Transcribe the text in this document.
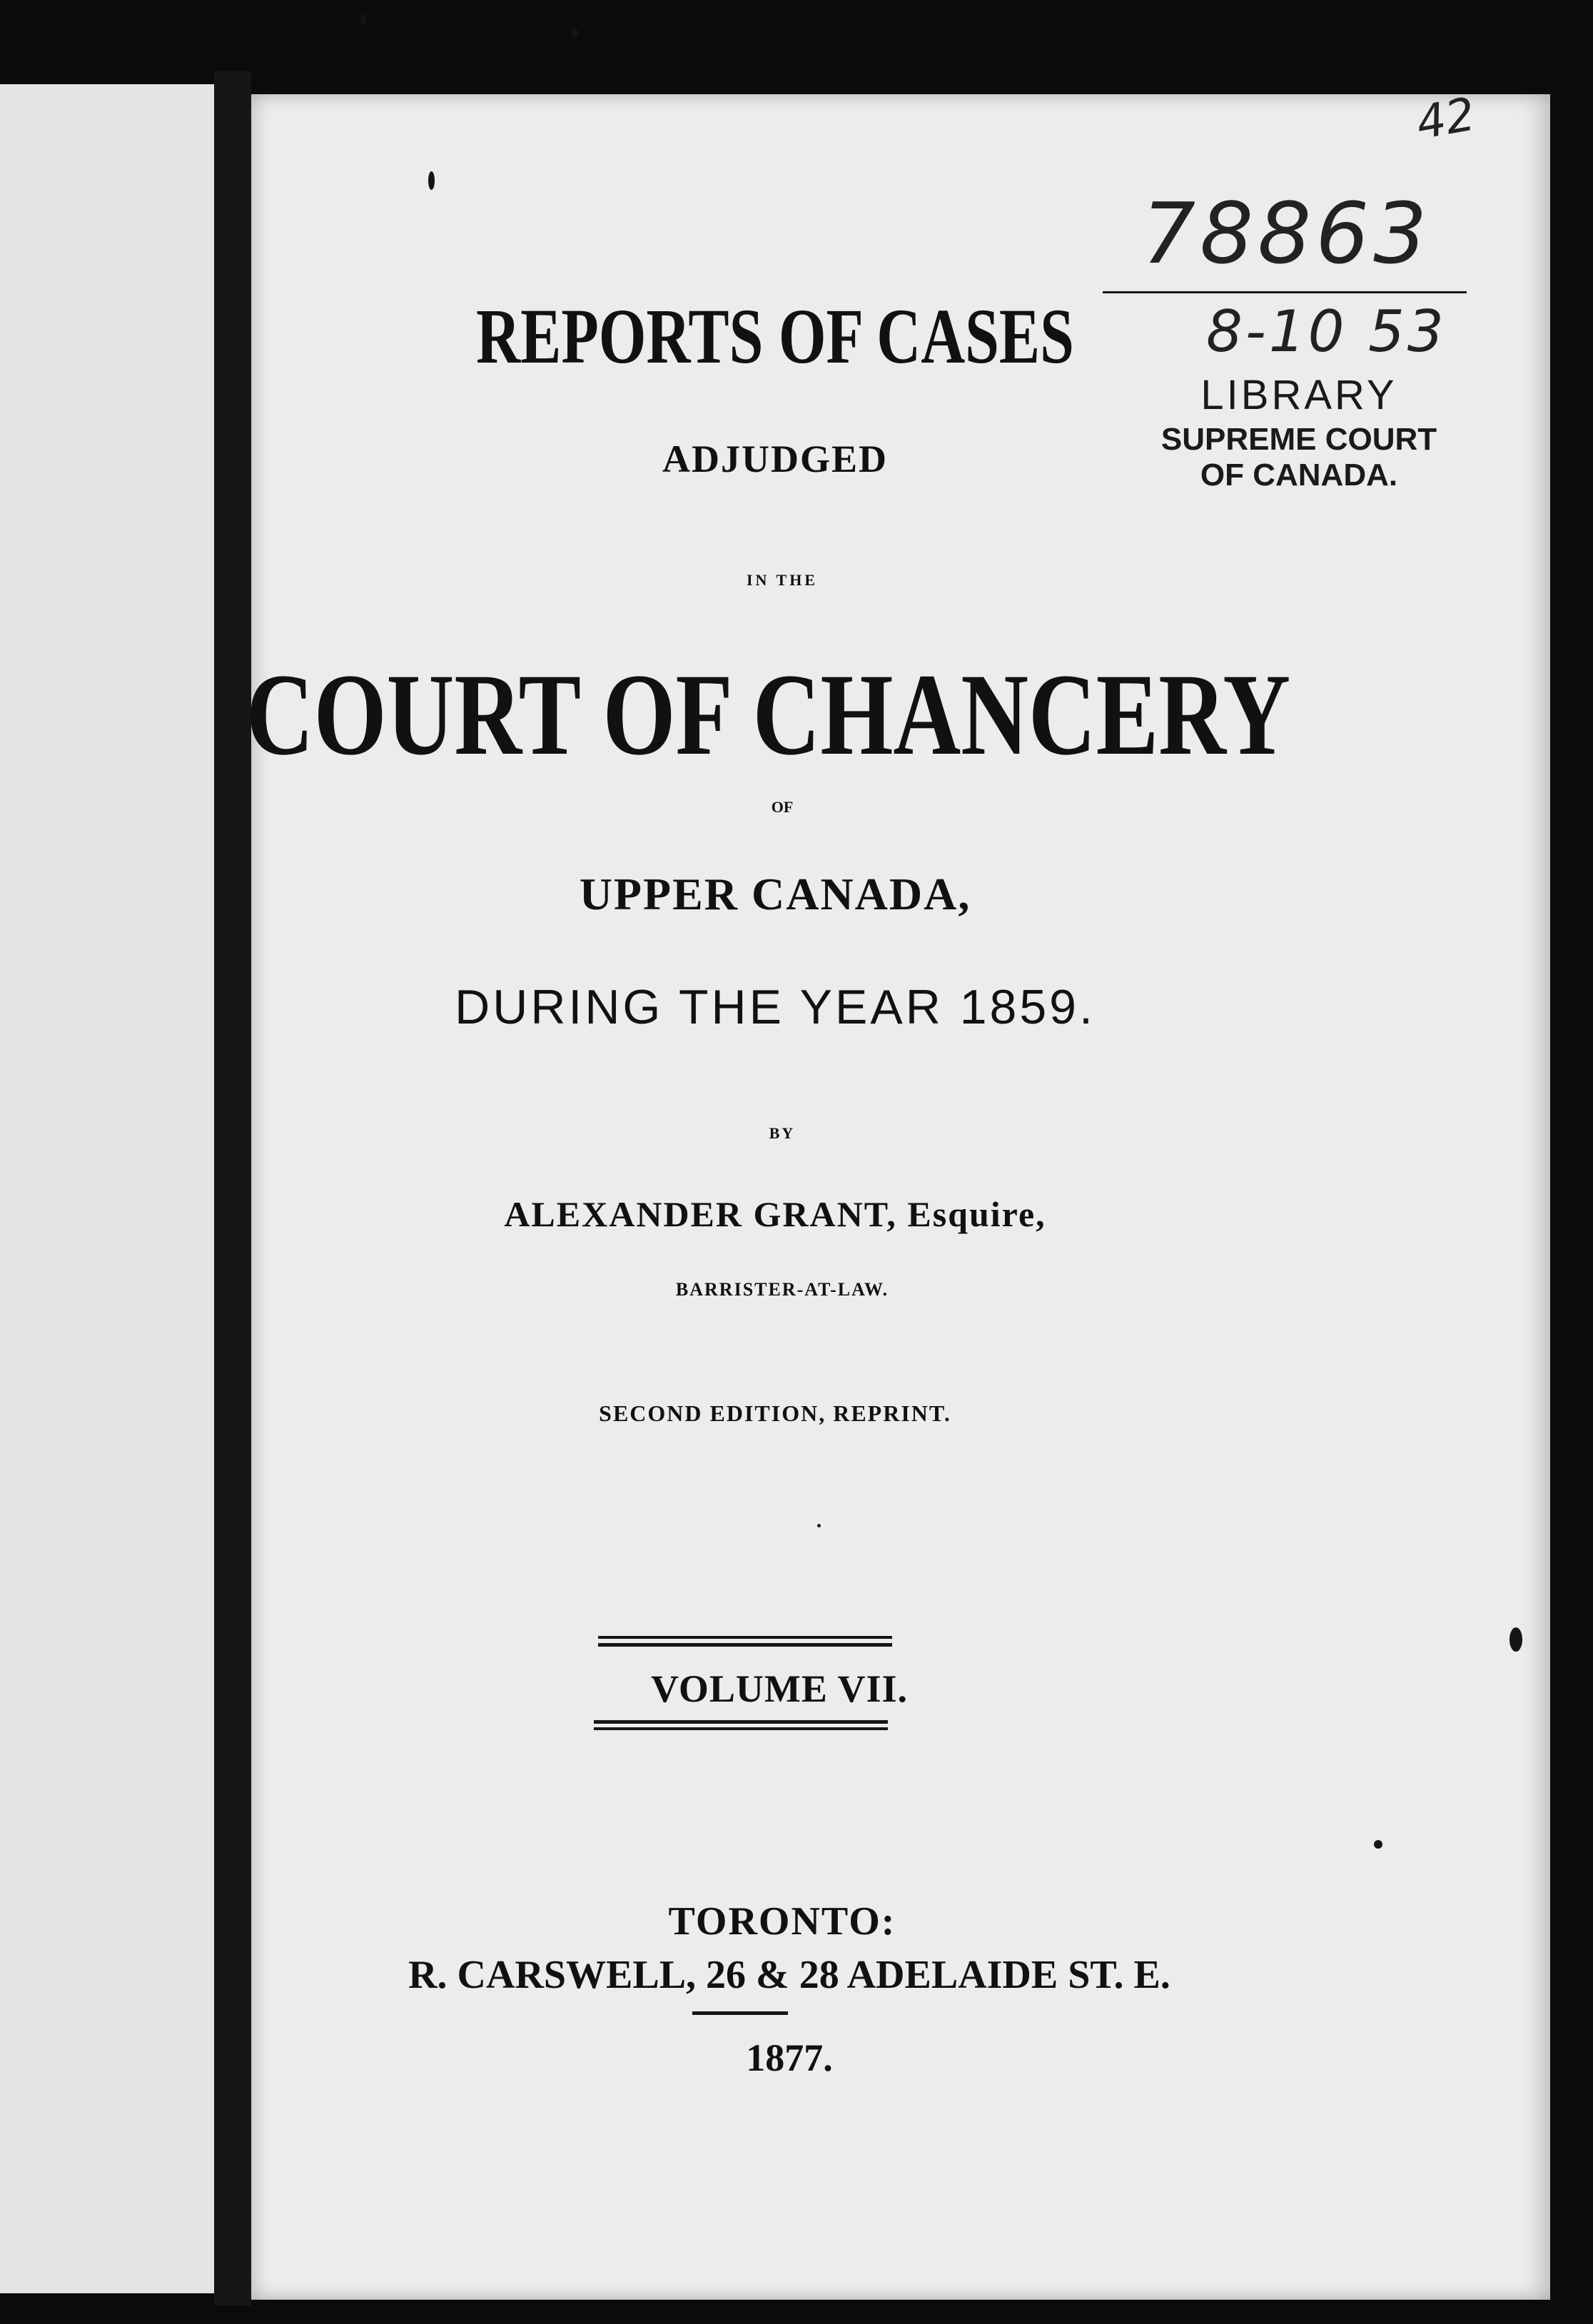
78863
8-10 53
42
LIBRARY
SUPREME COURT
OF CANADA.
REPORTS OF CASES
ADJUDGED
IN THE
COURT OF CHANCERY
OF
UPPER CANADA,
DURING THE YEAR 1859.
BY
ALEXANDER GRANT, Esquire,
BARRISTER-AT-LAW.
SECOND EDITION, REPRINT.
VOLUME VII.
TORONTO:
R. CARSWELL, 26 & 28 ADELAIDE ST. E.
1877.
